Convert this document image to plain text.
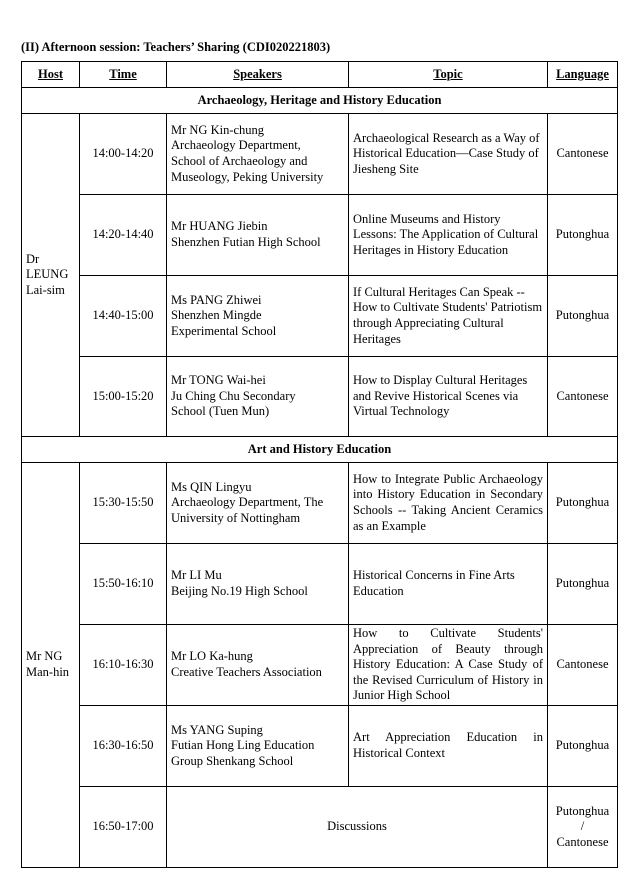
(II) Afternoon session: Teachers’ Sharing (CDI020221803)
Host	Time	Speakers	Topic	Language
Archaeology, Heritage and History Education				
Dr LEUNG Lai-sim	14:00-14:20	Mr NG Kin-chung
Archaeology Department,
School of Archaeology and
Museology, Peking University	Archaeological Research as a Way of Historical Education—Case Study of Jiesheng Site	Cantonese
	14:20-14:40	Mr HUANG Jiebin
Shenzhen Futian High School	Online Museums and History Lessons: The Application of Cultural Heritages in History Education	Putonghua
	14:40-15:00	Ms PANG Zhiwei
Shenzhen Mingde
Experimental School	If Cultural Heritages Can Speak -- How to Cultivate Students' Patriotism through Appreciating Cultural Heritages	Putonghua
	15:00-15:20	Mr TONG Wai-hei
Ju Ching Chu Secondary
School (Tuen Mun)	How to Display Cultural Heritages and Revive Historical Scenes via Virtual Technology	Cantonese
Art and History Education				
Mr NG Man-hin	15:30-15:50	Ms QIN Lingyu
Archaeology Department, The
University of Nottingham	How to Integrate Public Archaeology into History Education in Secondary Schools -- Taking Ancient Ceramics as an Example	Putonghua
	15:50-16:10	Mr LI Mu
Beijing No.19 High School	Historical Concerns in Fine Arts Education	Putonghua
	16:10-16:30	Mr LO Ka-hung
Creative Teachers Association	How to Cultivate Students' Appreciation of Beauty through History Education: A Case Study of the Revised Curriculum of History in Junior High School	Cantonese
	16:30-16:50	Ms YANG Suping
Futian Hong Ling Education
Group Shenkang School	Art Appreciation Education in Historical Context	Putonghua
	16:50-17:00	Discussions		Putonghua
/
Cantonese
